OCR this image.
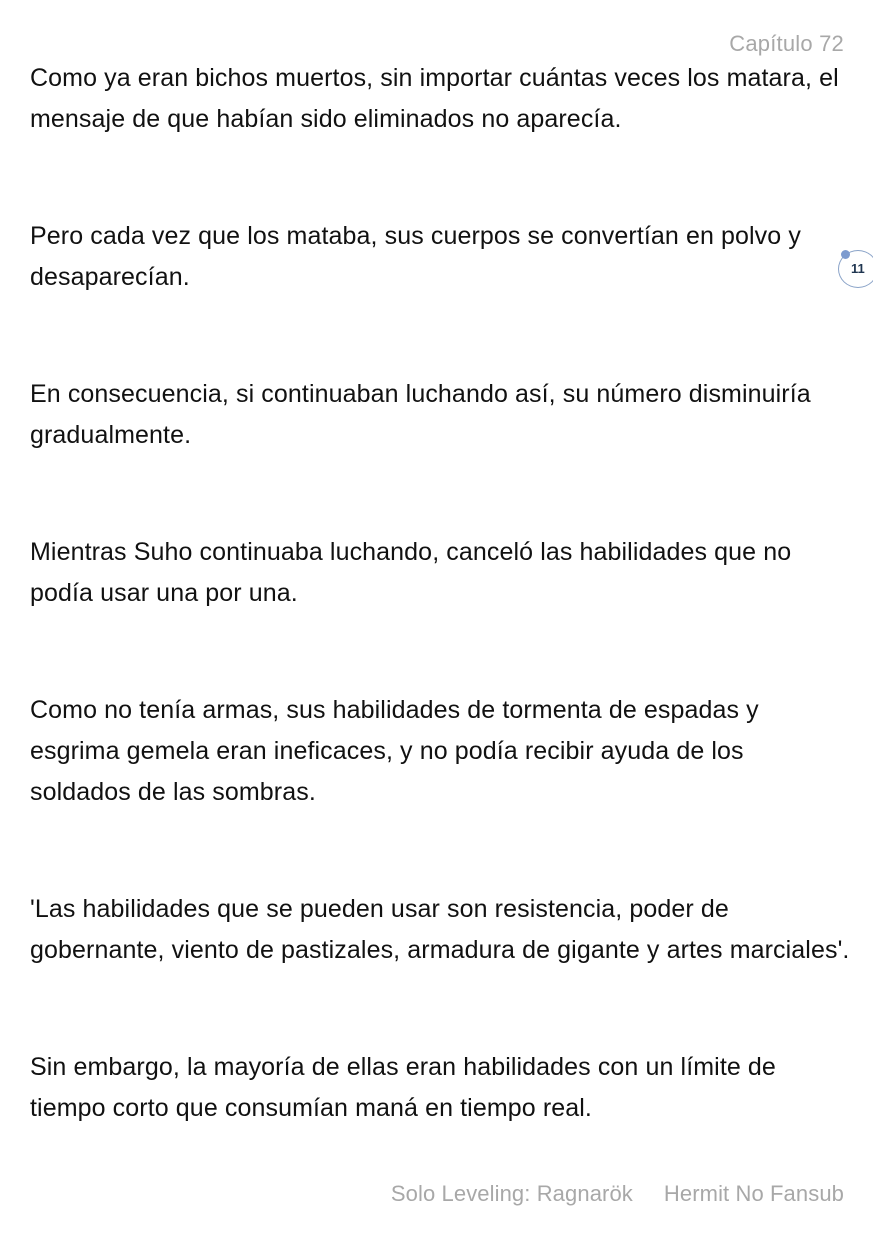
Capítulo 72

Como ya eran bichos muertos, sin importar cuántas veces los matara, el mensaje de que habían sido eliminados no aparecía.

Pero cada vez que los mataba, sus cuerpos se convertían en polvo y desaparecían.

En consecuencia, si continuaban luchando así, su número disminuiría gradualmente.

Mientras Suho continuaba luchando, canceló las habilidades que no podía usar una por una.

Como no tenía armas, sus habilidades de tormenta de espadas y esgrima gemela eran ineficaces, y no podía recibir ayuda de los soldados de las sombras.

'Las habilidades que se pueden usar son resistencia, poder de gobernante, viento de pastizales, armadura de gigante y artes marciales'.

Sin embargo, la mayoría de ellas eran habilidades con un límite de tiempo corto que consumían maná en tiempo real.

11
Solo Leveling: Ragnarök Hermit No Fansub
